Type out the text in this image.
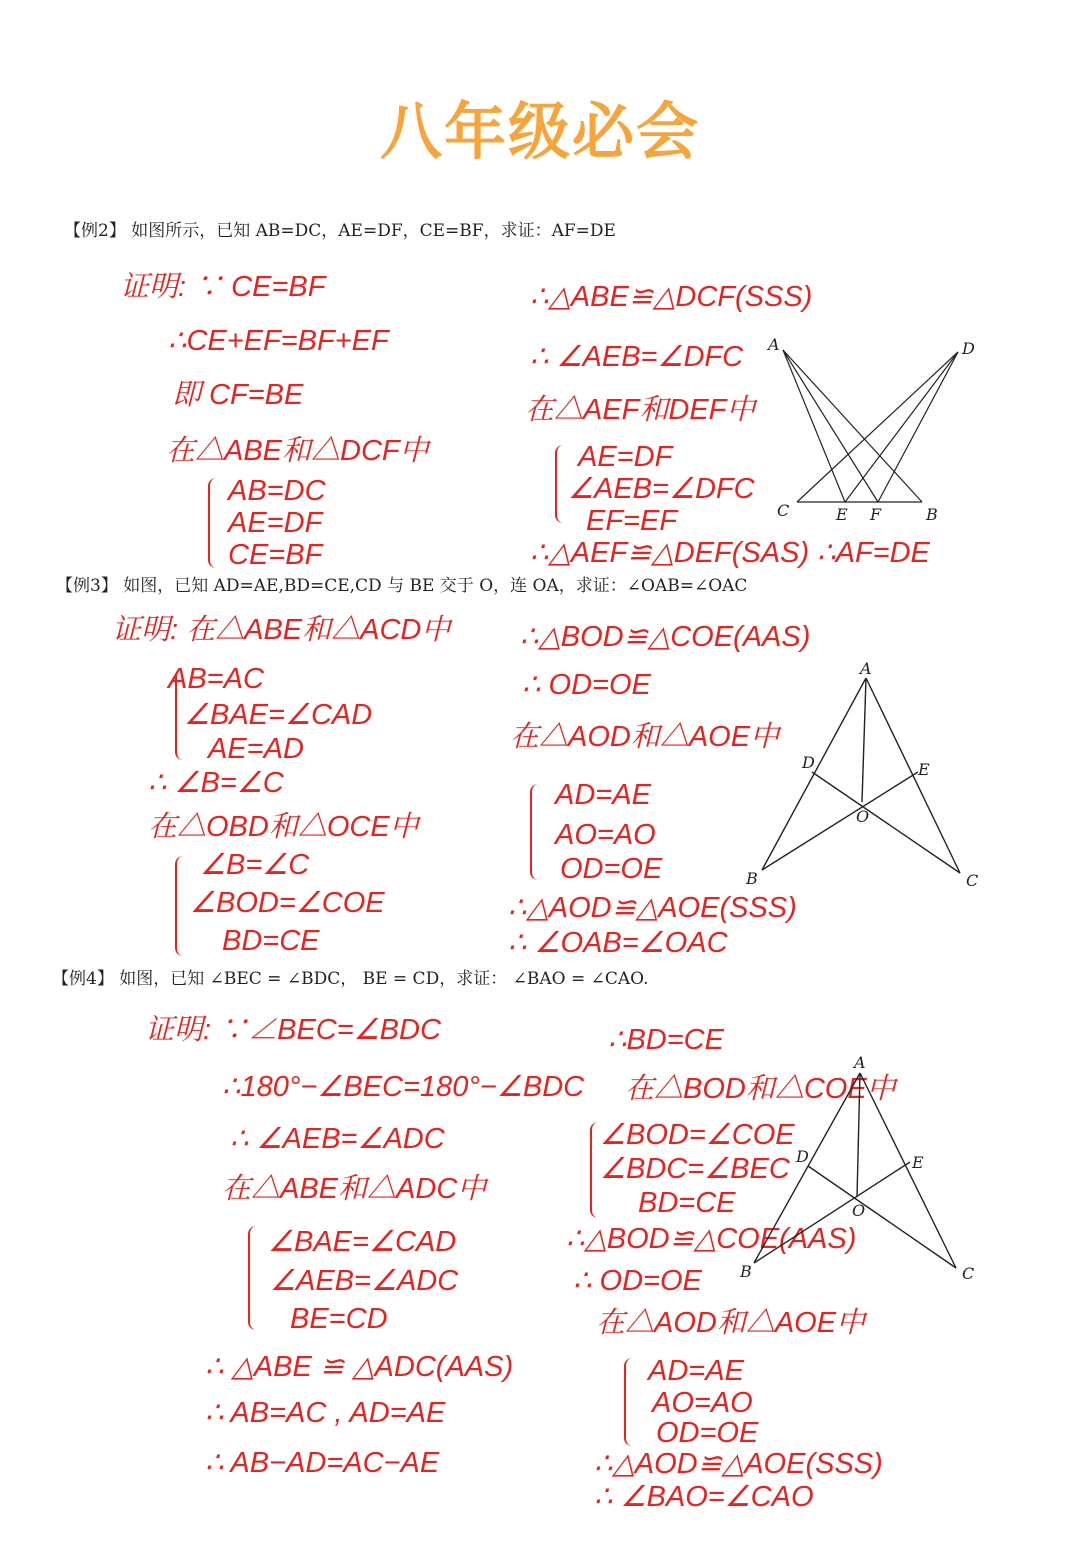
八年级必会
【例2】 如图所示，已知 AB=DC，AE=DF，CE=BF，求证：AF=DE
证明: ∵ CE=BF
∴CE+EF=BF+EF
即 CF=BE
在△ABE和△DCF中
AB=DC
AE=DF
CE=BF
∴△ABE≌△DCF(SSS)
∴ ∠AEB=∠DFC
在△AEF和DEF中
AE=DF
∠AEB=∠DFC
EF=EF
∴△AEF≌△DEF(SAS) ∴AF=DE
【例3】 如图，已知 AD=AE,BD=CE,CD 与 BE 交于 O，连 OA，求证：∠OAB=∠OAC
证明: 在△ABE和△ACD中
AB=AC
∠BAE=∠CAD
AE=AD
∴ ∠B=∠C
在△OBD和△OCE中
∠B=∠C
∠BOD=∠COE
BD=CE
∴△BOD≌△COE(AAS)
∴ OD=OE
在△AOD和△AOE中
AD=AE
AO=AO
OD=OE
∴△AOD≌△AOE(SSS)
∴ ∠OAB=∠OAC
【例4】 如图，已知 ∠BEC = ∠BDC， BE = CD，求证： ∠BAO = ∠CAO.
证明: ∵∠BEC=∠BDC
∴180°−∠BEC=180°−∠BDC
∴ ∠AEB=∠ADC
在△ABE和△ADC中
∠BAE=∠CAD
∠AEB=∠ADC
BE=CD
∴ △ABE ≌ △ADC(AAS)
∴ AB=AC , AD=AE
∴ AB−AD=AC−AE
∴BD=CE
在△BOD和△COE中
∠BOD=∠COE
∠BDC=∠BEC
BD=CE
∴△BOD≌△COE(AAS)
∴ OD=OE
在△AOD和△AOE中
AD=AE
AO=AO
OD=OE
∴△AOD≌△AOE(SSS)
∴ ∠BAO=∠CAO
A	D
C	E F	B
A
D	E
O
B	C
A
D	E
O
B	C
